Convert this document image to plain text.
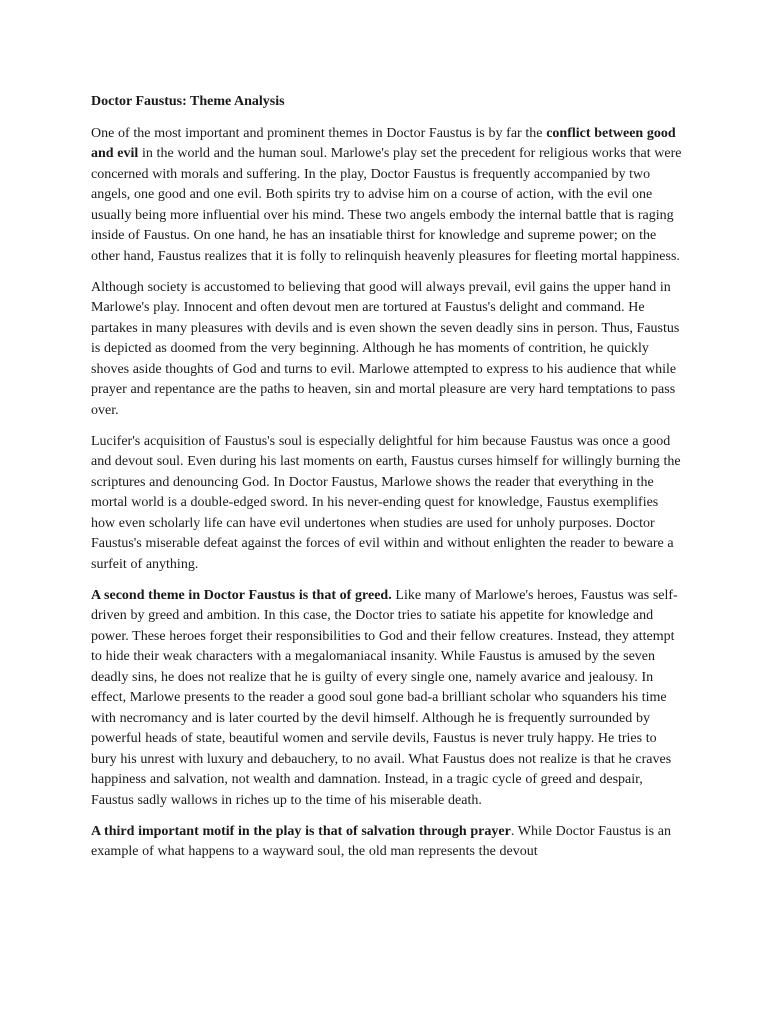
Doctor Faustus: Theme Analysis

One of the most important and prominent themes in Doctor Faustus is by far the conflict between good and evil in the world and the human soul. Marlowe's play set the precedent for religious works that were concerned with morals and suffering. In the play, Doctor Faustus is frequently accompanied by two angels, one good and one evil. Both spirits try to advise him on a course of action, with the evil one usually being more influential over his mind. These two angels embody the internal battle that is raging inside of Faustus. On one hand, he has an insatiable thirst for knowledge and supreme power; on the other hand, Faustus realizes that it is folly to relinquish heavenly pleasures for fleeting mortal happiness.

Although society is accustomed to believing that good will always prevail, evil gains the upper hand in Marlowe's play. Innocent and often devout men are tortured at Faustus's delight and command. He partakes in many pleasures with devils and is even shown the seven deadly sins in person. Thus, Faustus is depicted as doomed from the very beginning. Although he has moments of contrition, he quickly shoves aside thoughts of God and turns to evil. Marlowe attempted to express to his audience that while prayer and repentance are the paths to heaven, sin and mortal pleasure are very hard temptations to pass over.

Lucifer's acquisition of Faustus's soul is especially delightful for him because Faustus was once a good and devout soul. Even during his last moments on earth, Faustus curses himself for willingly burning the scriptures and denouncing God. In Doctor Faustus, Marlowe shows the reader that everything in the mortal world is a double-edged sword. In his never-ending quest for knowledge, Faustus exemplifies how even scholarly life can have evil undertones when studies are used for unholy purposes. Doctor Faustus's miserable defeat against the forces of evil within and without enlighten the reader to beware a surfeit of anything.

A second theme in Doctor Faustus is that of greed. Like many of Marlowe's heroes, Faustus was self-driven by greed and ambition. In this case, the Doctor tries to satiate his appetite for knowledge and power. These heroes forget their responsibilities to God and their fellow creatures. Instead, they attempt to hide their weak characters with a megalomaniacal insanity. While Faustus is amused by the seven deadly sins, he does not realize that he is guilty of every single one, namely avarice and jealousy. In effect, Marlowe presents to the reader a good soul gone bad-a brilliant scholar who squanders his time with necromancy and is later courted by the devil himself. Although he is frequently surrounded by powerful heads of state, beautiful women and servile devils, Faustus is never truly happy. He tries to bury his unrest with luxury and debauchery, to no avail. What Faustus does not realize is that he craves happiness and salvation, not wealth and damnation. Instead, in a tragic cycle of greed and despair, Faustus sadly wallows in riches up to the time of his miserable death.

A third important motif in the play is that of salvation through prayer. While Doctor Faustus is an example of what happens to a wayward soul, the old man represents the devout
